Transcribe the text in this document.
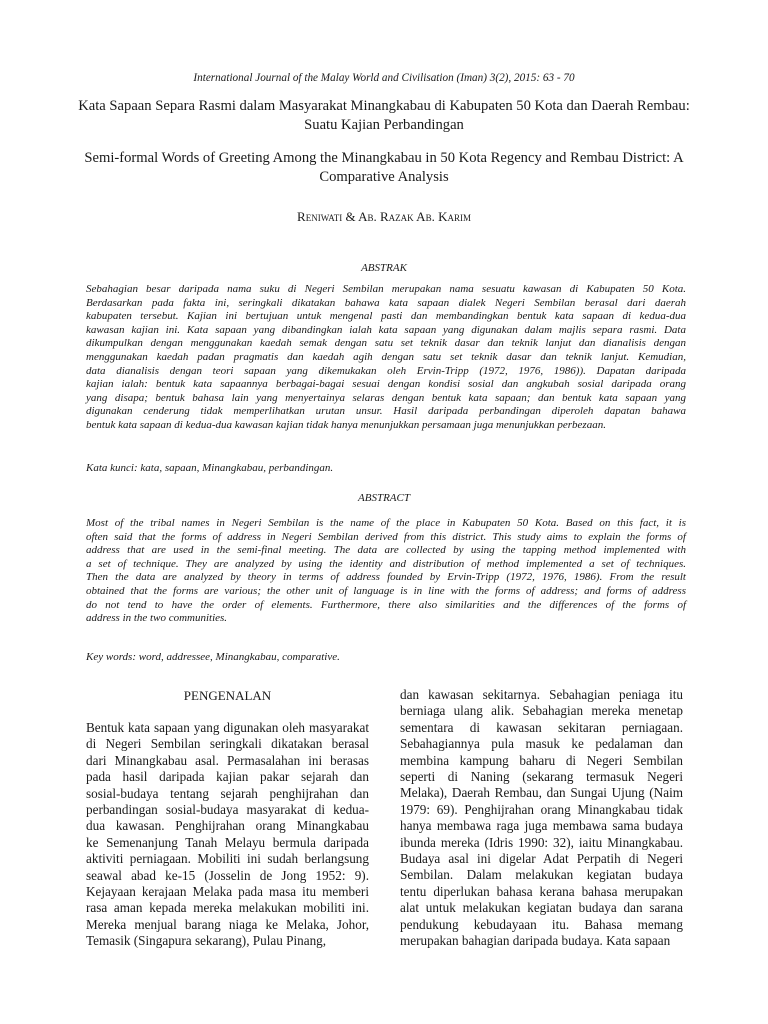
International Journal of the Malay World and Civilisation (Iman) 3(2), 2015: 63 - 70
Kata Sapaan Separa Rasmi dalam Masyarakat Minangkabau di Kabupaten 50 Kota dan Daerah Rembau: Suatu Kajian Perbandingan
Semi-formal Words of Greeting Among the Minangkabau in 50 Kota Regency and Rembau District: A Comparative Analysis
Reniwati & Ab. Razak Ab. Karim
ABSTRAK
Sebahagian besar daripada nama suku di Negeri Sembilan merupakan nama sesuatu kawasan di Kabupaten 50 Kota.
Berdasarkan pada fakta ini, seringkali dikatakan bahawa kata sapaan dialek Negeri Sembilan berasal dari daerah
kabupaten tersebut. Kajian ini bertujuan untuk mengenal pasti dan membandingkan bentuk kata sapaan di kedua-dua
kawasan kajian ini. Kata sapaan yang dibandingkan ialah kata sapaan yang digunakan dalam majlis separa rasmi. Data
dikumpulkan dengan menggunakan kaedah semak dengan satu set teknik dasar dan teknik lanjut dan dianalisis dengan
menggunakan kaedah padan pragmatis dan kaedah agih dengan satu set teknik dasar dan teknik lanjut. Kemudian,
data dianalisis dengan teori sapaan yang dikemukakan oleh Ervin-Tripp (1972, 1976, 1986)). Dapatan daripada
kajian ialah: bentuk kata sapaannya berbagai-bagai sesuai dengan kondisi sosial dan angkubah sosial daripada orang
yang disapa; bentuk bahasa lain yang menyertainya selaras dengan bentuk kata sapaan; dan bentuk kata sapaan yang
digunakan cenderung tidak memperlihatkan urutan unsur. Hasil daripada perbandingan diperoleh dapatan bahawa
bentuk kata sapaan di kedua-dua kawasan kajian tidak hanya menunjukkan persamaan juga menunjukkan perbezaan.
Kata kunci: kata, sapaan, Minangkabau, perbandingan.
ABSTRACT
Most of the tribal names in Negeri Sembilan is the name of the place in Kabupaten 50 Kota. Based on this fact, it is
often said that the forms of address in Negeri Sembilan derived from this district. This study aims to explain the forms of
address that are used in the semi-final meeting. The data are collected by using the tapping method implemented with
a set of technique. They are analyzed by using the identity and distribution of method implemented a set of techniques.
Then the data are analyzed by theory in terms of address founded by Ervin-Tripp (1972, 1976, 1986). From the result
obtained that the forms are various; the other unit of language is in line with the forms of address; and forms of address
do not tend to have the order of elements. Furthermore, there also similarities and the differences of the forms of
address in the two communities.
Key words: word, addressee, Minangkabau, comparative.
PENGENALAN
Bentuk kata sapaan yang digunakan oleh masyarakat
di Negeri Sembilan seringkali dikatakan berasal
dari Minangkabau asal. Permasalahan ini berasas
pada hasil daripada kajian pakar sejarah dan
sosial-budaya tentang sejarah penghijrahan dan
perbandingan sosial-budaya masyarakat di kedua-
dua kawasan. Penghijrahan orang Minangkabau
ke Semenanjung Tanah Melayu bermula daripada
aktiviti perniagaan. Mobiliti ini sudah berlangsung
seawal abad ke-15 (Josselin de Jong 1952: 9).
Kejayaan kerajaan Melaka pada masa itu memberi
rasa aman kepada mereka melakukan mobiliti ini.
Mereka menjual barang niaga ke Melaka, Johor,
Temasik (Singapura sekarang), Pulau Pinang,
dan kawasan sekitarnya. Sebahagian peniaga itu
berniaga ulang alik. Sebahagian mereka menetap
sementara di kawasan sekitaran perniagaan.
Sebahagiannya pula masuk ke pedalaman dan
membina kampung baharu di Negeri Sembilan
seperti di Naning (sekarang termasuk Negeri
Melaka), Daerah Rembau, dan Sungai Ujung (Naim
1979: 69). Penghijrahan orang Minangkabau tidak
hanya membawa raga juga membawa sama budaya
ibunda mereka (Idris 1990: 32), iaitu Minangkabau.
Budaya asal ini digelar Adat Perpatih di Negeri
Sembilan. Dalam melakukan kegiatan budaya
tentu diperlukan bahasa kerana bahasa merupakan
alat untuk melakukan kegiatan budaya dan sarana
pendukung kebudayaan itu. Bahasa memang
merupakan bahagian daripada budaya. Kata sapaan
